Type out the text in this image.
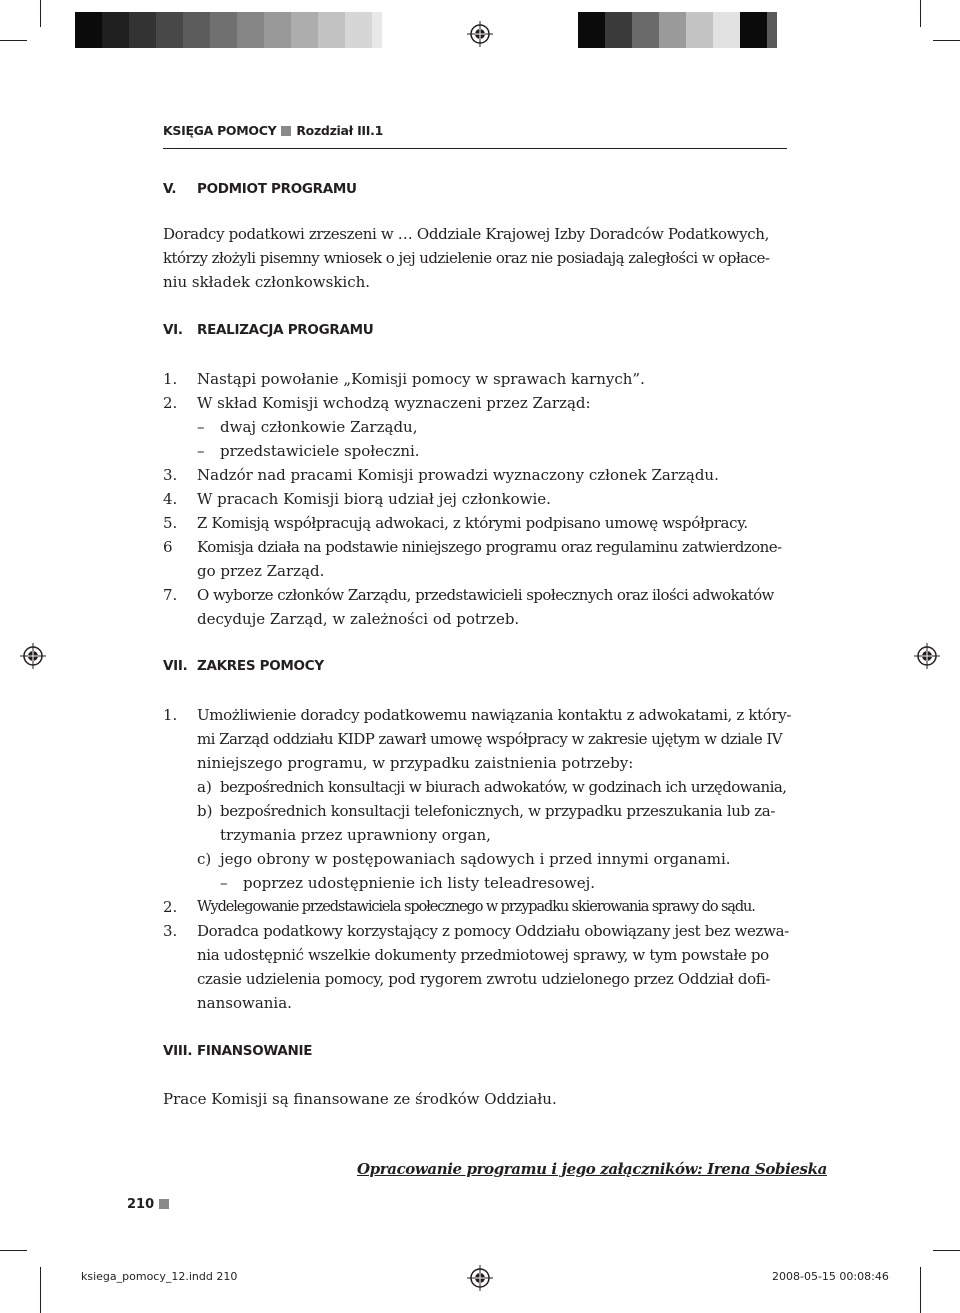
KSIĘGA POMOCY Rozdział III.1
V. PODMIOT PROGRAMU
Doradcy podatkowi zrzeszeni w … Oddziale Krajowej Izby Doradców Podatkowych,
którzy złożyli pisemny wniosek o jej udzielenie oraz nie posiadają zaległości w opłace-
niu składek członkowskich.
VI. REALIZACJA PROGRAMU
1. Nastąpi powołanie „Komisji pomocy w sprawach karnych”.
2. W skład Komisji wchodzą wyznaczeni przez Zarząd:
– dwaj członkowie Zarządu,
– przedstawiciele społeczni.
3. Nadzór nad pracami Komisji prowadzi wyznaczony członek Zarządu.
4. W pracach Komisji biorą udział jej członkowie.
5. Z Komisją współpracują adwokaci, z którymi podpisano umowę współpracy.
6 Komisja działa na podstawie niniejszego programu oraz regulaminu zatwierdzone-
go przez Zarząd.
7. O wyborze członków Zarządu, przedstawicieli społecznych oraz ilości adwokatów
decyduje Zarząd, w zależności od potrzeb.
VII. ZAKRES POMOCY
1. Umożliwienie doradcy podatkowemu nawiązania kontaktu z adwokatami, z który-
mi Zarząd oddziału KIDP zawarł umowę współpracy w zakresie ujętym w dziale IV
niniejszego programu, w przypadku zaistnienia potrzeby:
a) bezpośrednich konsultacji w biurach adwokatów, w godzinach ich urzędowania,
b) bezpośrednich konsultacji telefonicznych, w przypadku przeszukania lub za-
trzymania przez uprawniony organ,
c) jego obrony w postępowaniach sądowych i przed innymi organami.
– poprzez udostępnienie ich listy teleadresowej.
2. Wydelegowanie przedstawiciela społecznego w przypadku skierowania sprawy do sądu.
3. Doradca podatkowy korzystający z pomocy Oddziału obowiązany jest bez wezwa-
nia udostępnić wszelkie dokumenty przedmiotowej sprawy, w tym powstałe po
czasie udzielenia pomocy, pod rygorem zwrotu udzielonego przez Oddział dofi-
nansowania.
VIII. FINANSOWANIE
Prace Komisji są finansowane ze środków Oddziału.
Opracowanie programu i jego załączników: Irena Sobieska
210
ksiega_pomocy_12.indd 210	2008-05-15 00:08:46
